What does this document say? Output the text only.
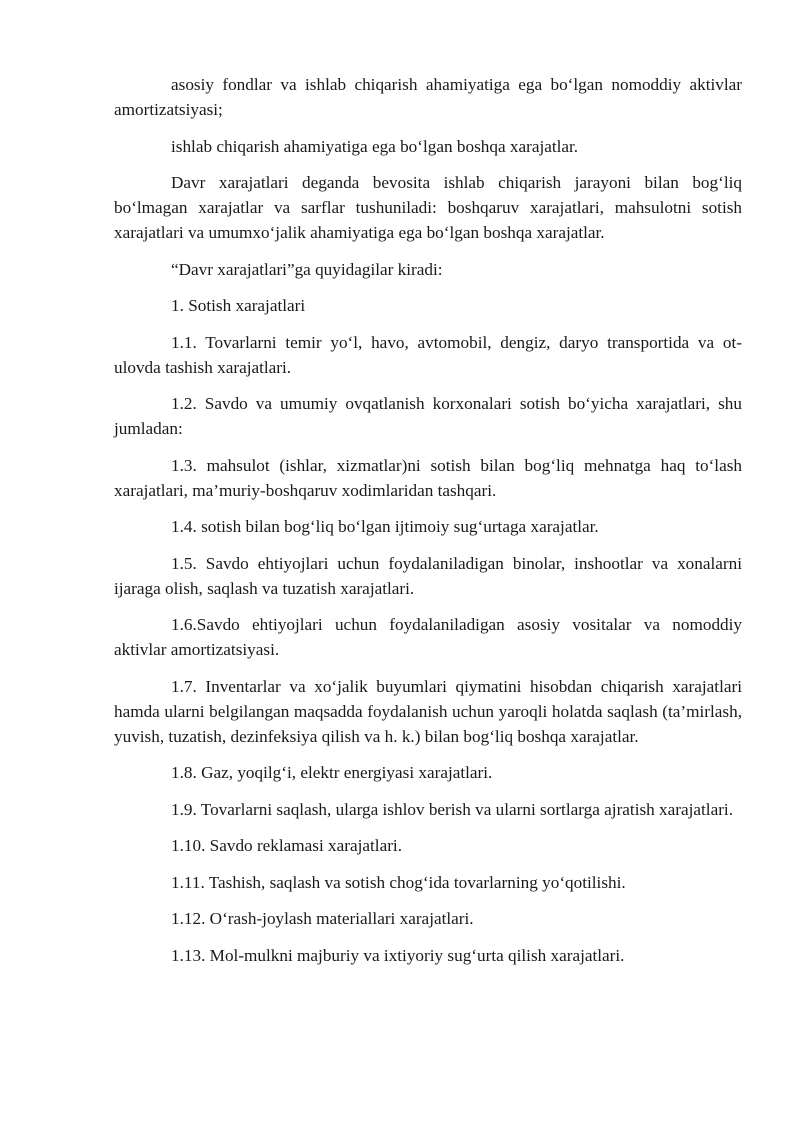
asosiy fondlar va ishlab chiqarish ahamiyatiga ega bo‘lgan nomoddiy aktivlar amortizatsiyasi;

ishlab chiqarish ahamiyatiga ega bo‘lgan boshqa xarajatlar.

Davr xarajatlari deganda bevosita ishlab chiqarish jarayoni bilan bog‘liq bo‘lmagan xarajatlar va sarflar tushuniladi: boshqaruv xarajatlari, mahsulotni sotish xarajatlari va umumxo‘jalik ahamiyatiga ega bo‘lgan boshqa xarajatlar.

“Davr xarajatlari”ga quyidagilar kiradi:

1. Sotish xarajatlari

1.1. Tovarlarni temir yo‘l, havo, avtomobil, dengiz, daryo transportida va ot-ulovda tashish xarajatlari.

1.2. Savdo va umumiy ovqatlanish korxonalari sotish bo‘yicha xarajatlari, shu jumladan:

1.3. mahsulot (ishlar, xizmatlar)ni sotish bilan bog‘liq mehnatga haq to‘lash xarajatlari, ma’muriy-boshqaruv xodimlaridan tashqari.

1.4. sotish bilan bog‘liq bo‘lgan ijtimoiy sug‘urtaga xarajatlar.

1.5. Savdo ehtiyojlari uchun foydalaniladigan binolar, inshootlar va xonalarni ijaraga olish, saqlash va tuzatish xarajatlari.

1.6.Savdo ehtiyojlari uchun foydalaniladigan asosiy vositalar va nomoddiy aktivlar amortizatsiyasi.

1.7. Inventarlar va xo‘jalik buyumlari qiymatini hisobdan chiqarish xarajatlari hamda ularni belgilangan maqsadda foydalanish uchun yaroqli holatda saqlash (ta’mirlash, yuvish, tuzatish, dezinfeksiya qilish va h. k.) bilan bog‘liq boshqa xarajatlar.

1.8. Gaz, yoqilg‘i, elektr energiyasi xarajatlari.

1.9. Tovarlarni saqlash, ularga ishlov berish va ularni sortlarga ajratish xarajatlari.

1.10. Savdo reklamasi xarajatlari.

1.11. Tashish, saqlash va sotish chog‘ida tovarlarning yo‘qotilishi.

1.12. O‘rash-joylash materiallari xarajatlari.

1.13. Mol-mulkni majburiy va ixtiyoriy sug‘urta qilish xarajatlari.
